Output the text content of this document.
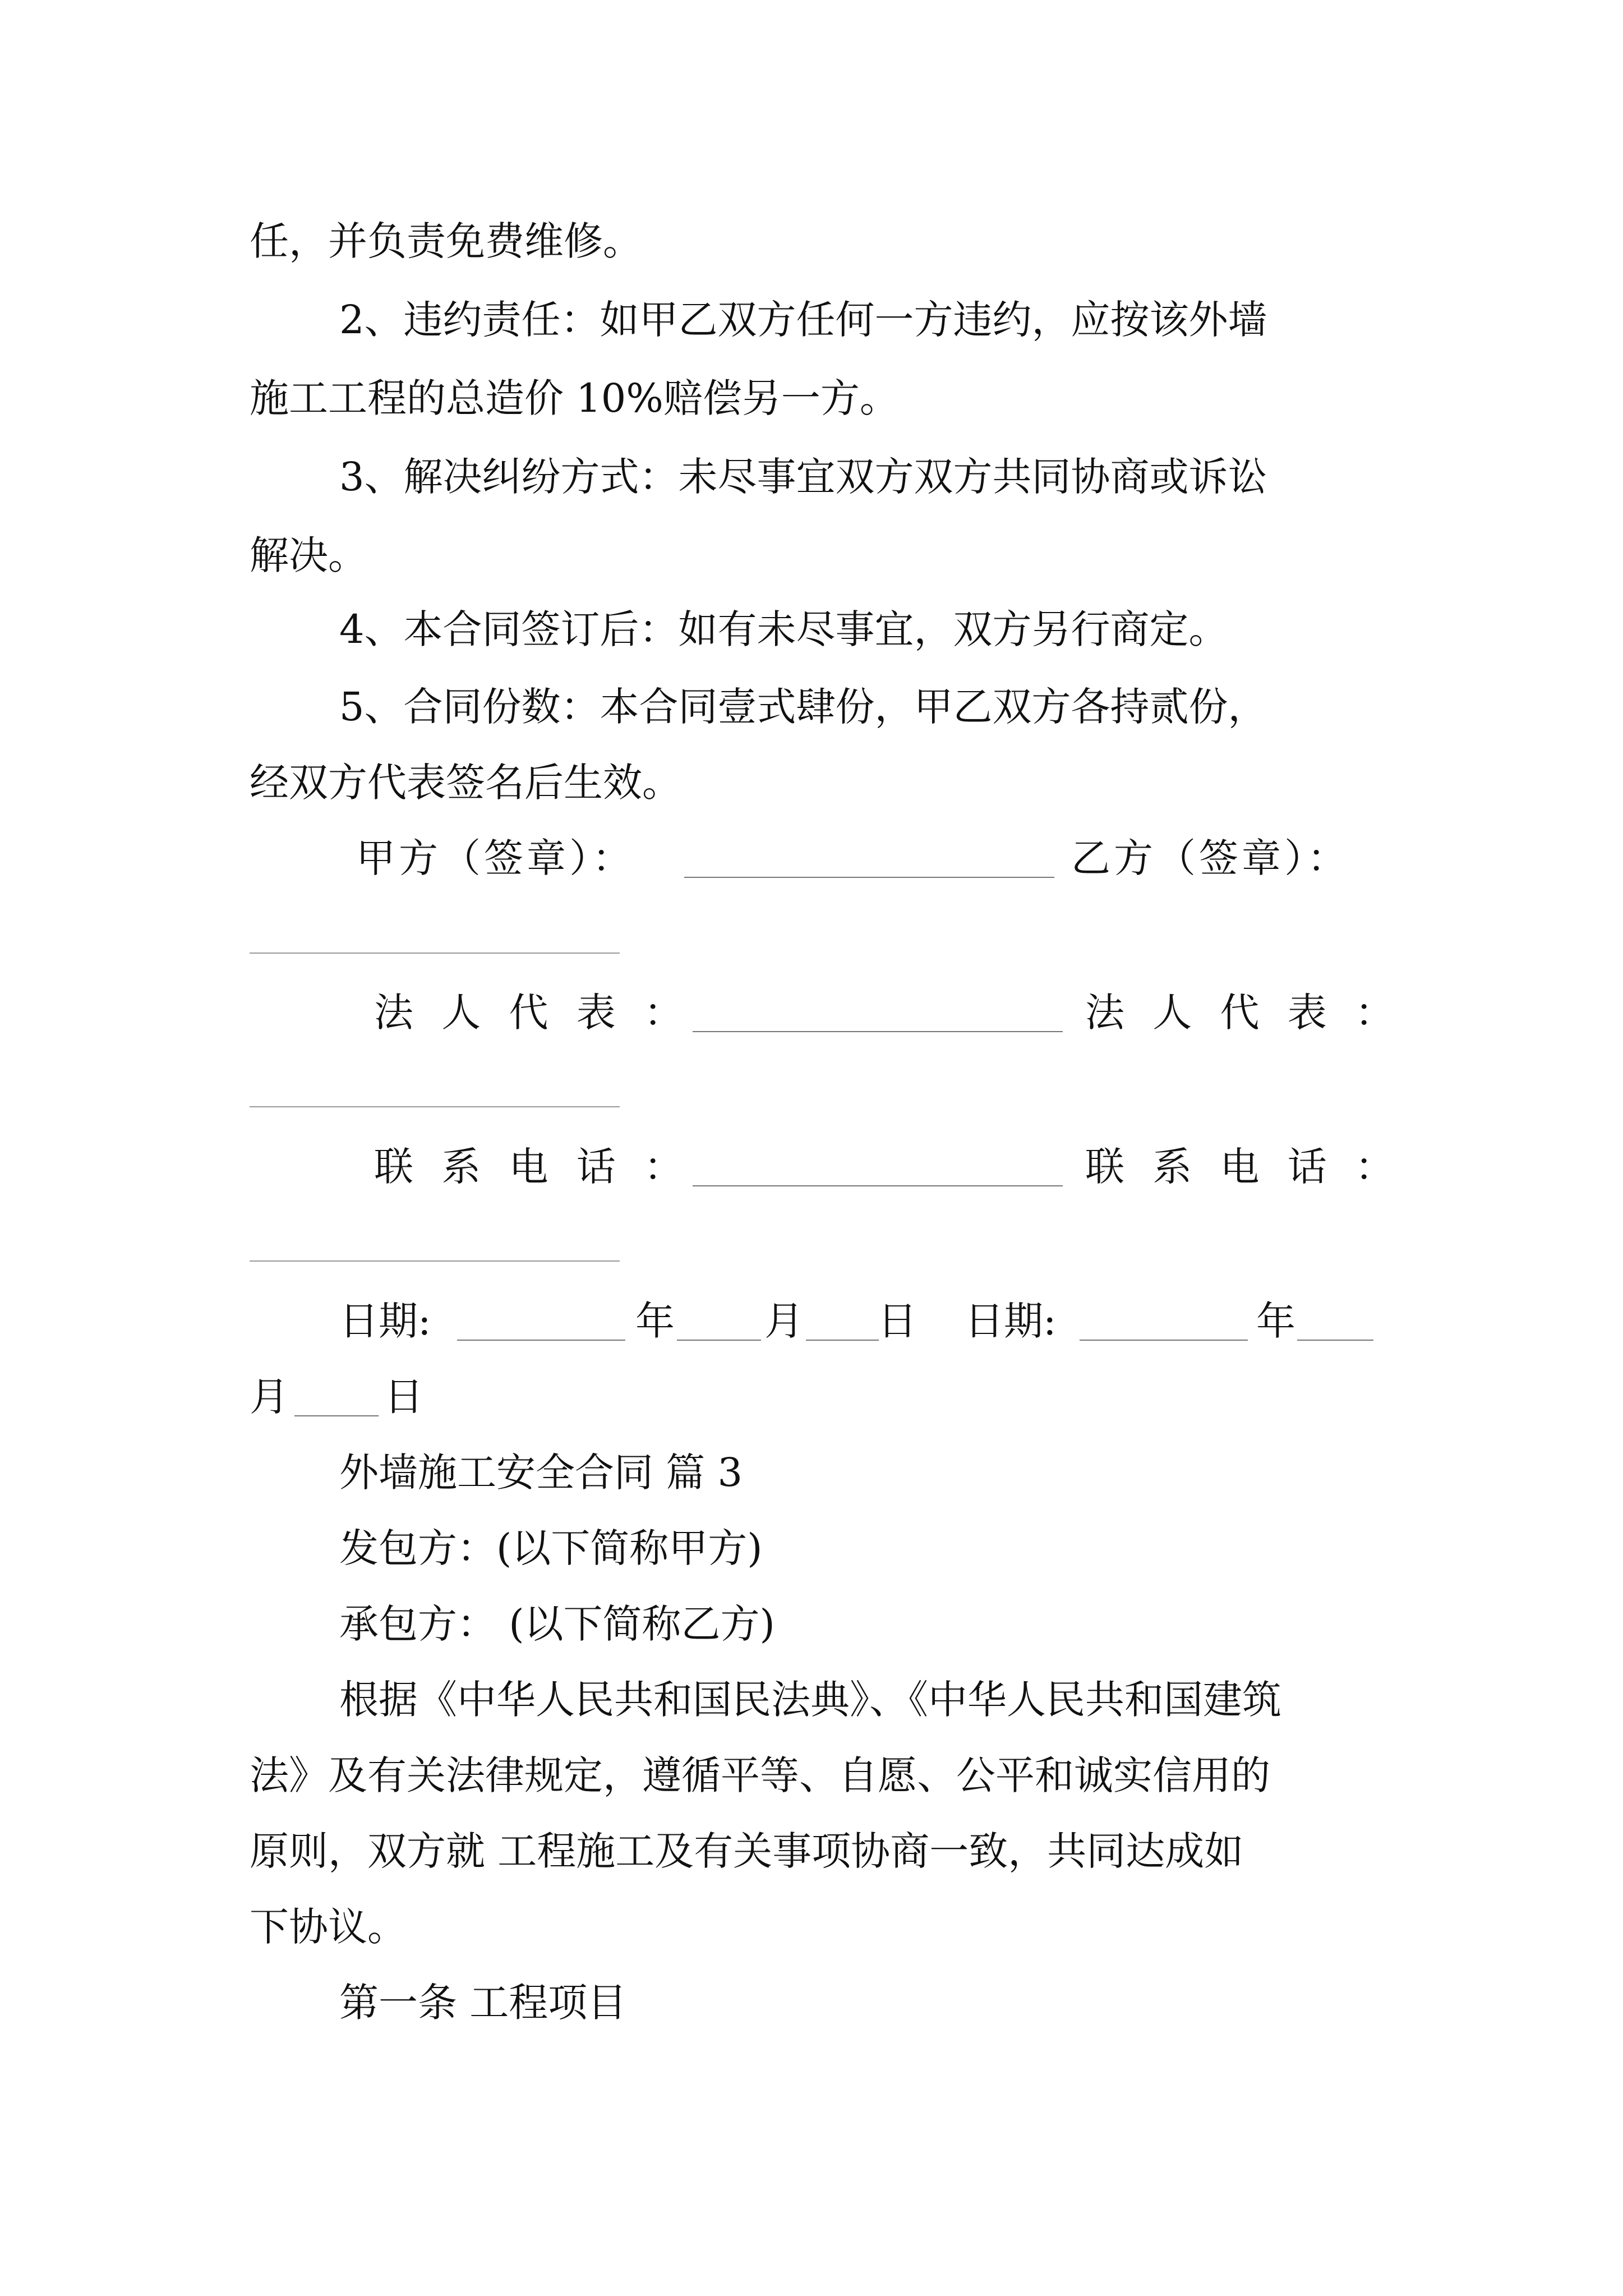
任，并负责免费维修。

2、违约责任：如甲乙双方任何一方违约，应按该外墙

施工工程的总造价 10%赔偿另一方。

3、解决纠纷方式：未尽事宜双方双方共同协商或诉讼

解决。

4、本合同签订后：如有未尽事宜，双方另行商定。

5、合同份数：本合同壹式肆份，甲乙双方各持贰份，

经双方代表签名后生效。

甲方（签章）：	乙方（签章）：
法 人 代 表 ：	法 人 代 表 ：
联 系 电 话 ：	联 系 电 话 ：
日期:	年 月 日 日期:	年
月 日

外墙施工安全合同 篇 3

发包方：(以下简称甲方)

承包方： (以下简称乙方)

根据《中华人民共和国民法典》、《中华人民共和国建筑

法》及有关法律规定，遵循平等、自愿、公平和诚实信用的

原则，双方就 工程施工及有关事项协商一致，共同达成如

下协议。

第一条 工程项目
